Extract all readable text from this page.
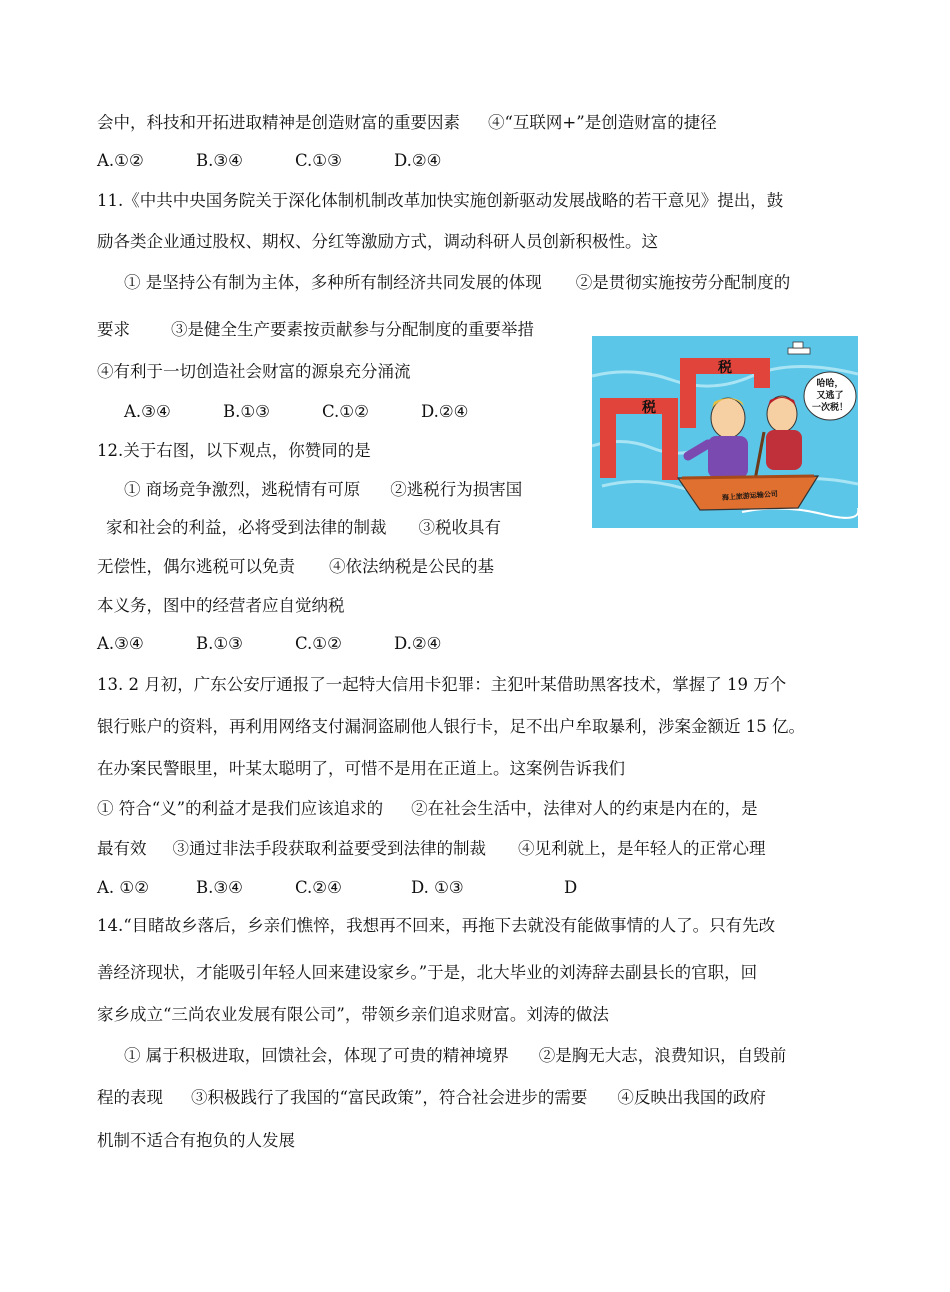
会中，科技和开拓进取精神是创造财富的重要因素 ④“互联网+”是创造财富的捷径
A.①②	B.③④	C.①③	D.②④
11.《中共中央国务院关于深化体制机制改革加快实施创新驱动发展战略的若干意见》提出，鼓
励各类企业通过股权、期权、分红等激励方式，调动科研人员创新积极性。这
① 是坚持公有制为主体，多种所有制经济共同发展的体现 ②是贯彻实施按劳分配制度的
要求 ③是健全生产要素按贡献参与分配制度的重要举措
④有利于一切创造社会财富的源泉充分涌流
A.③④	B.①③	C.①②	D.②④
12.关于右图，以下观点，你赞同的是
① 商场竞争激烈，逃税情有可原 ②逃税行为损害国
家和社会的利益，必将受到法律的制裁 ③税收具有
无偿性，偶尔逃税可以免责 ④依法纳税是公民的基
本义务，图中的经营者应自觉纳税
A.③④	B.①③	C.①②	D.②④
13. 2 月初，广东公安厅通报了一起特大信用卡犯罪：主犯叶某借助黑客技术，掌握了 19 万个
银行账户的资料，再利用网络支付漏洞盗刷他人银行卡，足不出户牟取暴利，涉案金额近 15 亿。
在办案民警眼里，叶某太聪明了，可惜不是用在正道上。这案例告诉我们
① 符合“义”的利益才是我们应该追求的 ②在社会生活中，法律对人的约束是内在的，是
最有效 ③通过非法手段获取利益要受到法律的制裁 ④见利就上，是年轻人的正常心理
A. ①②	B.③④	C.②④	D. ①③	D
14.“目睹故乡落后，乡亲们憔悴，我想再不回来，再拖下去就没有能做事情的人了。只有先改
善经济现状，才能吸引年轻人回来建设家乡。”于是，北大毕业的刘涛辞去副县长的官职，回
家乡成立“三尚农业发展有限公司”，带领乡亲们追求财富。刘涛的做法
① 属于积极进取，回馈社会，体现了可贵的精神境界 ②是胸无大志，浪费知识，自毁前
程的表现 ③积极践行了我国的“富民政策”，符合社会进步的需要 ④反映出我国的政府
机制不适合有抱负的人发展
税
税
哈哈，
又逃了
一次税！
海上旅游运输公司
